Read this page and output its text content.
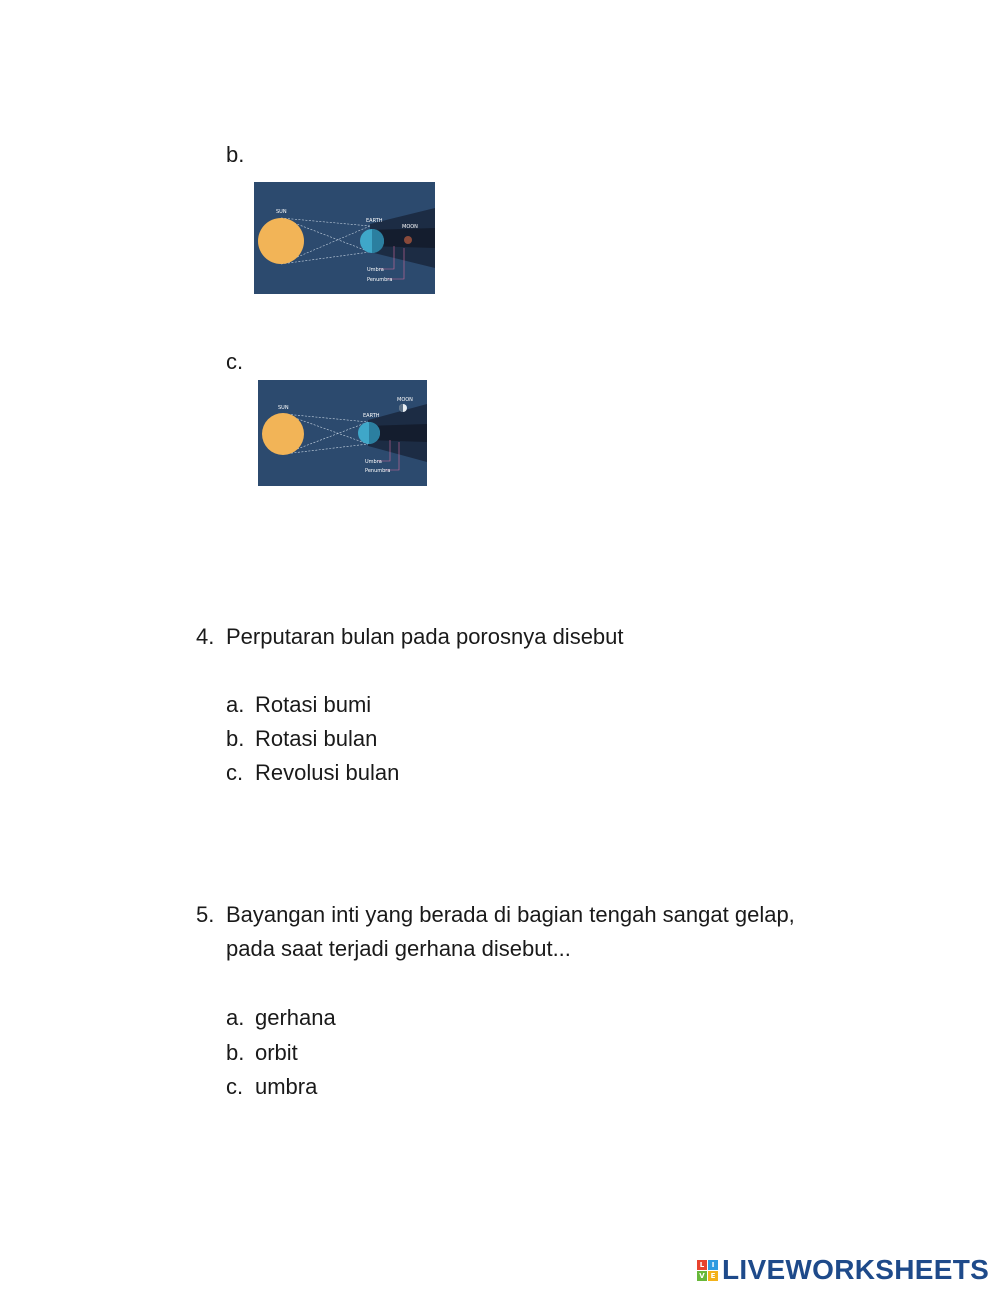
b.
SUN
EARTH
MOON
Umbra
Penumbra
c.
SUN
EARTH
MOON
Umbra
Penumbra
4. Perputaran bulan pada porosnya disebut
a. Rotasi bumi
b. Rotasi bulan
c. Revolusi bulan
5. Bayangan inti yang berada di bagian tengah sangat gelap,
pada saat terjadi gerhana disebut...
a. gerhana
b. orbit
c. umbra
L	I
V E LIVEWORKSHEETS
